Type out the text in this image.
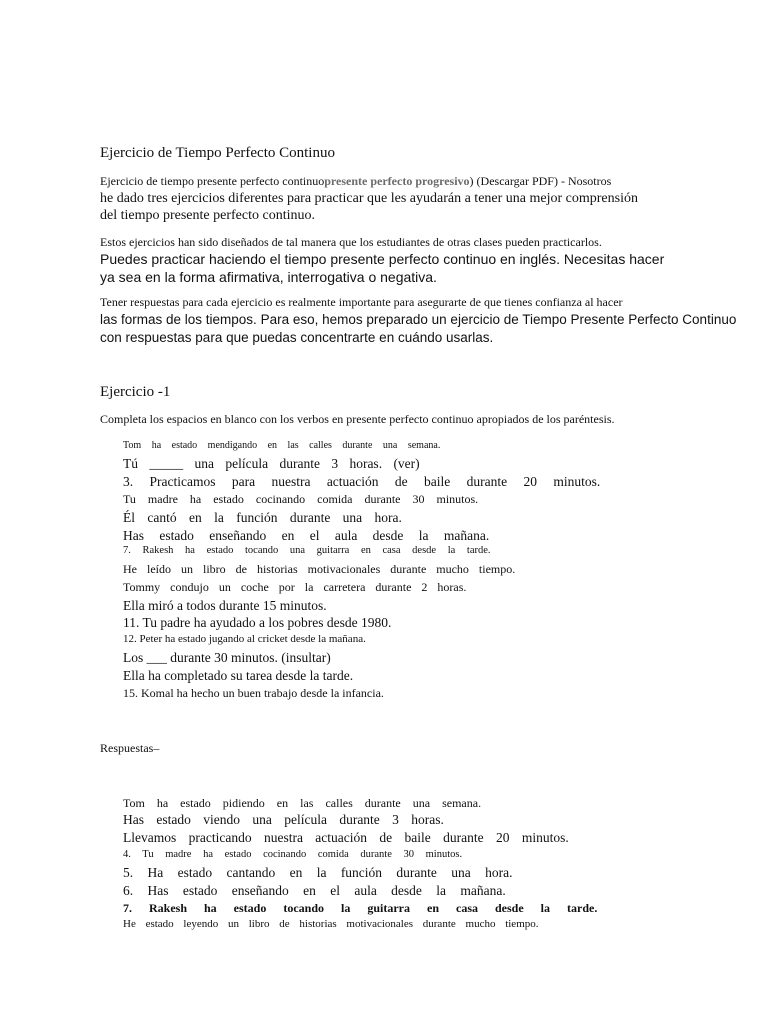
Ejercicio de Tiempo Perfecto Continuo
Ejercicio de tiempo presente perfecto continuopresente perfecto progresivo) (Descargar PDF) - Nosotros
he dado tres ejercicios diferentes para practicar que les ayudarán a tener una mejor comprensión
del tiempo presente perfecto continuo.
Estos ejercicios han sido diseñados de tal manera que los estudiantes de otras clases pueden practicarlos.
Puedes practicar haciendo el tiempo presente perfecto continuo en inglés. Necesitas hacer
ya sea en la forma afirmativa, interrogativa o negativa.
Tener respuestas para cada ejercicio es realmente importante para asegurarte de que tienes confianza al hacer
las formas de los tiempos. Para eso, hemos preparado un ejercicio de Tiempo Presente Perfecto Continuo
con respuestas para que puedas concentrarte en cuándo usarlas.
Ejercicio -1
Completa los espacios en blanco con los verbos en presente perfecto continuo apropiados de los paréntesis.
Tom ha estado mendigando en las calles durante una semana.
Tú _____ una película durante 3 horas. (ver)
3. Practicamos para nuestra actuación de baile durante 20 minutos.
Tu madre ha estado cocinando comida durante 30 minutos.
Él cantó en la función durante una hora.
Has estado enseñando en el aula desde la mañana.
7. Rakesh ha estado tocando una guitarra en casa desde la tarde.
He leído un libro de historias motivacionales durante mucho tiempo.
Tommy condujo un coche por la carretera durante 2 horas.
Ella miró a todos durante 15 minutos.
11. Tu padre ha ayudado a los pobres desde 1980.
12. Peter ha estado jugando al cricket desde la mañana.
Los ___ durante 30 minutos. (insultar)
Ella ha completado su tarea desde la tarde.
15. Komal ha hecho un buen trabajo desde la infancia.
Respuestas–
Tom ha estado pidiendo en las calles durante una semana.
Has estado viendo una película durante 3 horas.
Llevamos practicando nuestra actuación de baile durante 20 minutos.
4. Tu madre ha estado cocinando comida durante 30 minutos.
5. Ha estado cantando en la función durante una hora.
6. Has estado enseñando en el aula desde la mañana.
7. Rakesh ha estado tocando la guitarra en casa desde la tarde.
He estado leyendo un libro de historias motivacionales durante mucho tiempo.
